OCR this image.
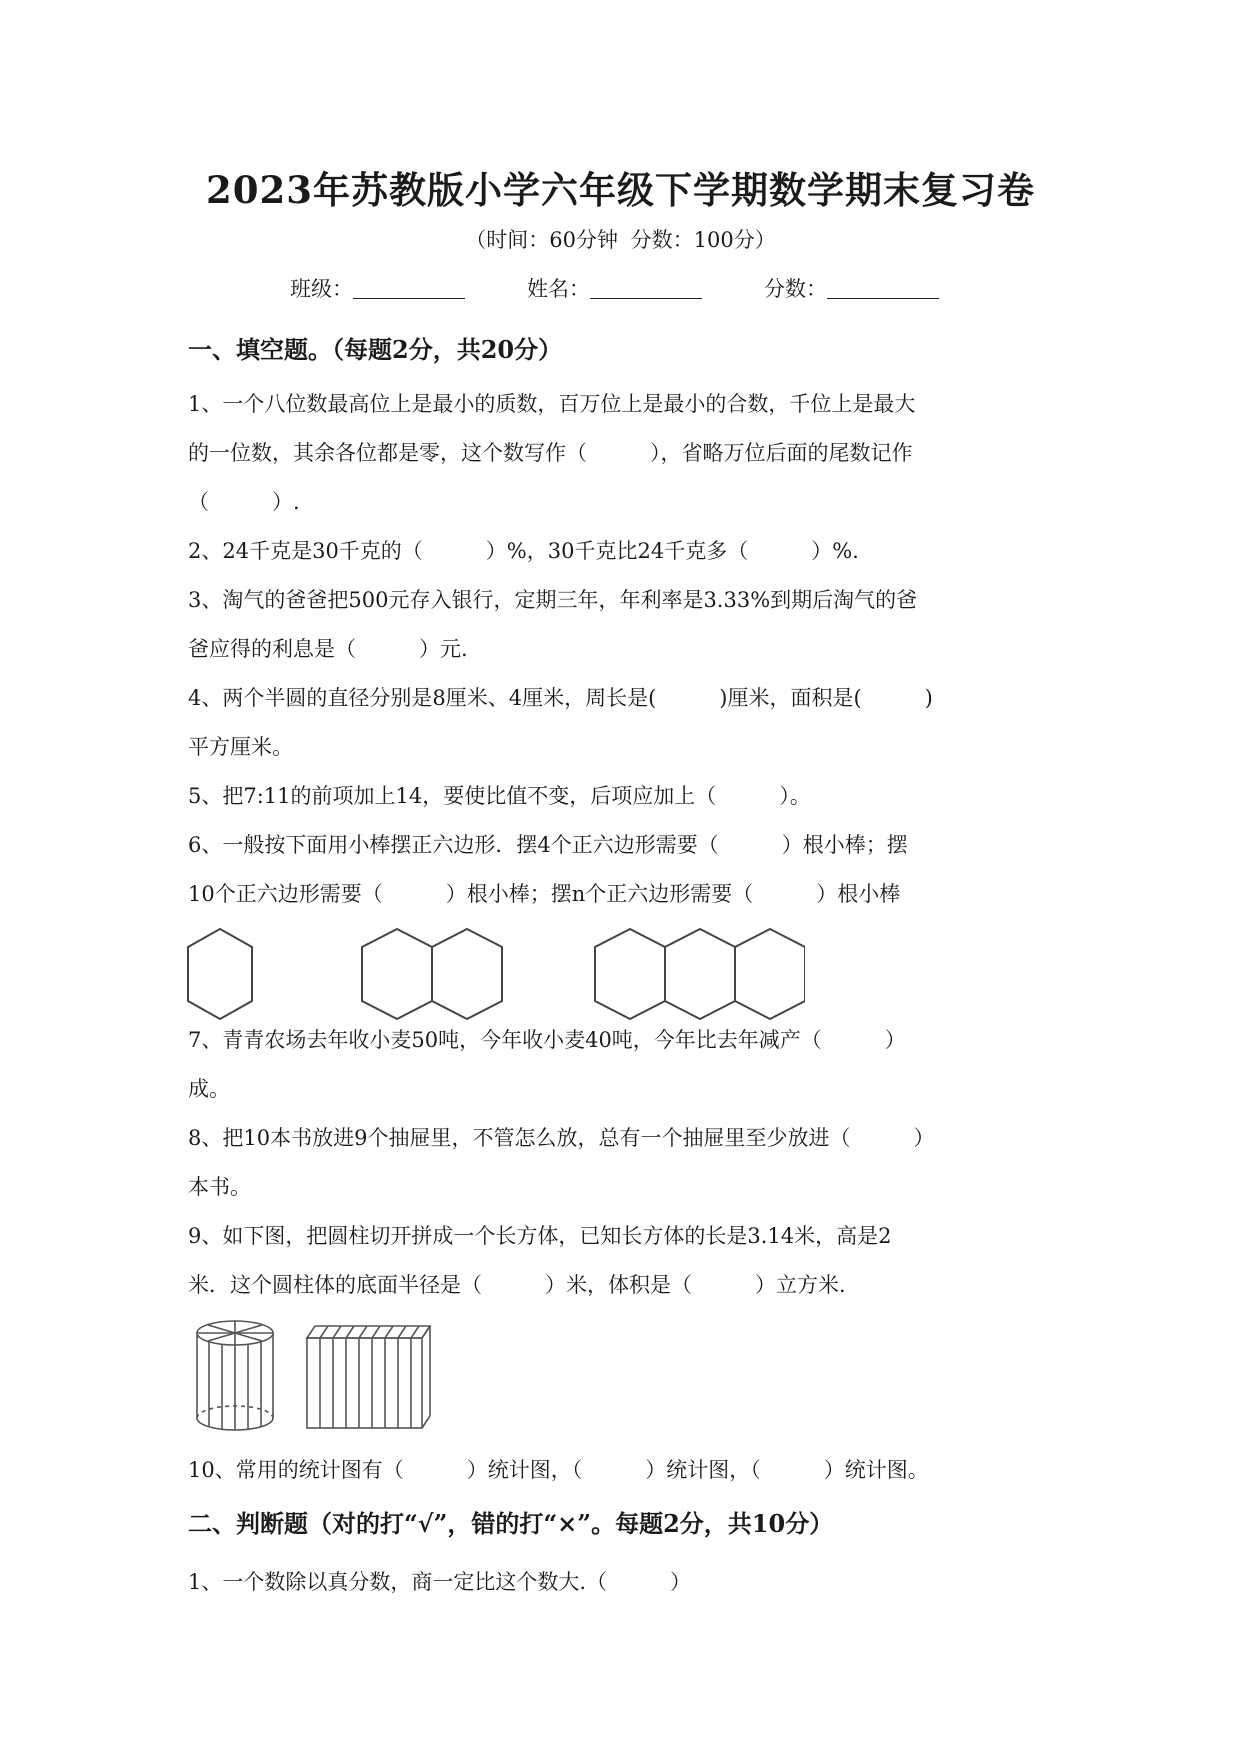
2023年苏教版小学六年级下学期数学期末复习卷
（时间：60分钟 分数：100分）
班级：	姓名：	分数：
一、填空题。（每题2分，共20分）
1、一个八位数最高位上是最小的质数，百万位上是最小的合数，千位上是最大
的一位数，其余各位都是零，这个数写作（　　　），省略万位后面的尾数记作
（　　　）.
2、24千克是30千克的（　　　）%，30千克比24千克多（　　　）%.
3、淘气的爸爸把500元存入银行，定期三年，年利率是3.33%到期后淘气的爸
爸应得的利息是（　　　）元.
4、两个半圆的直径分别是8厘米、4厘米，周长是(　　　)厘米，面积是(　　　)
平方厘米。
5、把7:11的前项加上14，要使比值不变，后项应加上（　　　）。
6、一般按下面用小棒摆正六边形．摆4个正六边形需要（　　　）根小棒；摆
10个正六边形需要（　　　）根小棒；摆n个正六边形需要（　　　）根小棒
7、青青农场去年收小麦50吨，今年收小麦40吨，今年比去年减产（　　　）
成。
8、把10本书放进9个抽屉里，不管怎么放，总有一个抽屉里至少放进（　　　）
本书。
9、如下图，把圆柱切开拼成一个长方体，已知长方体的长是3.14米，高是2
米．这个圆柱体的底面半径是（　　　）米，体积是（　　　）立方米.
10、常用的统计图有（　　　）统计图，（　　　）统计图，（　　　）统计图。
二、判断题（对的打“√”，错的打“×”。每题2分，共10分）
1、一个数除以真分数，商一定比这个数大.（　　　）
